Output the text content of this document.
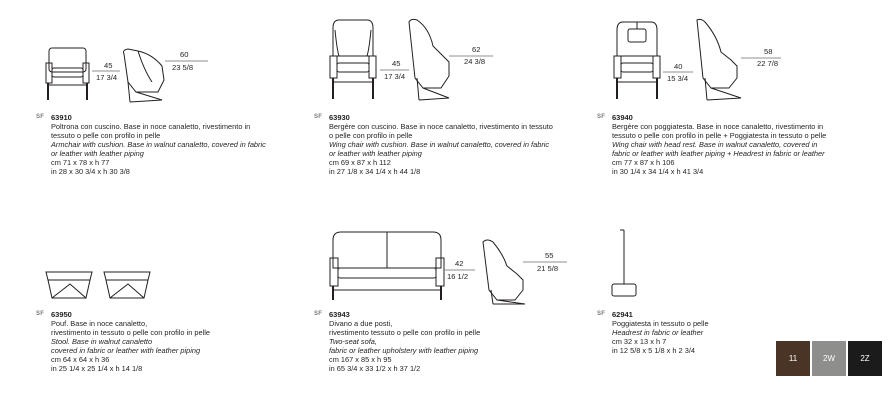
45
17 3/4
60
23 5/8	45
17 3/4
62
24 3/8
40
15 3/4
58
22 7/8
42
16 1/2
55
21 5/8
SF 63910
Poltrona con cuscino. Base in noce canaletto, rivestimento in
tessuto o pelle con profilo in pelle
Armchair with cushion. Base in walnut canaletto, covered in fabric
or leather with leather piping
cm 71 x 78 x h 77
in 28 x 30 3/4 x h 30 3/8
SF 63930
Bergère con cuscino. Base in noce canaletto, rivestimento in tessuto
o pelle con profilo in pelle
Wing chair with cushion. Base in walnut canaletto, covered in fabric
or leather with leather piping
cm 69 x 87 x h 112
in 27 1/8 x 34 1/4 x h 44 1/8
SF 63940
Bergère con poggiatesta. Base in noce canaletto, rivestimento in
tessuto o pelle con profilo in pelle + Poggiatesta in tessuto o pelle
Wing chair with head rest. Base in walnut canaletto, covered in
fabric or leather with leather piping + Headrest in fabric or leather
cm 77 x 87 x h 106
in 30 1/4 x 34 1/4 x h 41 3/4
SF 63950
Pouf. Base in noce canaletto,
rivestimento in tessuto o pelle con profilo in pelle
Stool. Base in walnut canaletto
covered in fabric or leather with leather piping
cm 64 x 64 x h 36
in 25 1/4 x 25 1/4 x h 14 1/8
SF 63943
Divano a due posti,
rivestimento tessuto o pelle con profilo in pelle
Two-seat sofa,
fabric or leather upholstery with leather piping
cm 167 x 85 x h 95
in 65 3/4 x 33 1/2 x h 37 1/2
SF 62941
Poggiatesta in tessuto o pelle
Headrest in fabric or leather
cm 32 x 13 x h 7
in 12 5/8 x 5 1/8 x h 2 3/4
11	2W	2Z
